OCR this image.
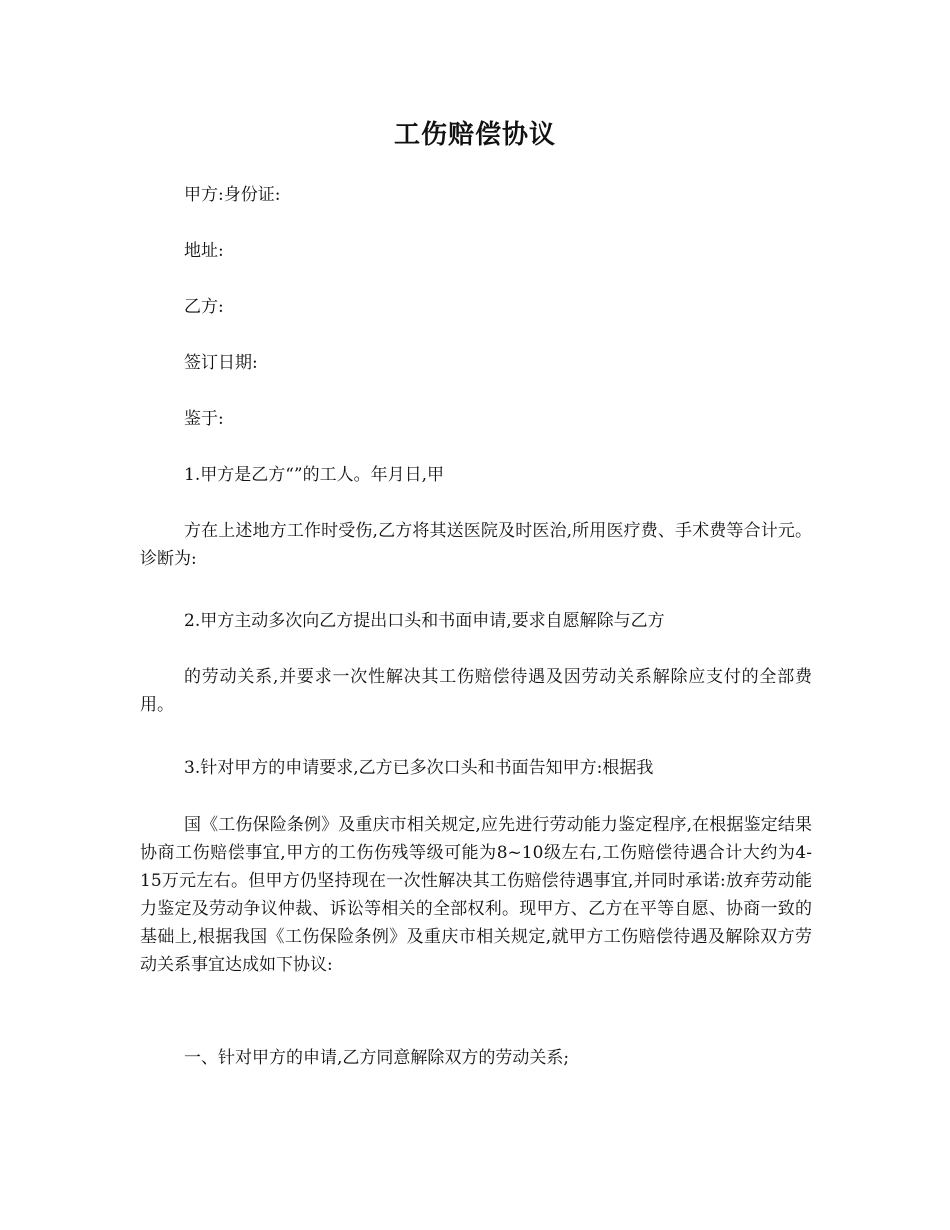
工伤赔偿协议

甲方:身份证:

地址:

乙方:

签订日期:

鉴于:

1.甲方是乙方“”的工人。年月日,甲

方在上述地方工作时受伤,乙方将其送医院及时医治,所用医疗费、手术费等合计元。诊断为:

2.甲方主动多次向乙方提出口头和书面申请,要求自愿解除与乙方

的劳动关系,并要求一次性解决其工伤赔偿待遇及因劳动关系解除应支付的全部费用。

3.针对甲方的申请要求,乙方已多次口头和书面告知甲方:根据我

国《工伤保险条例》及重庆市相关规定,应先进行劳动能力鉴定程序,在根据鉴定结果协商工伤赔偿事宜,甲方的工伤伤残等级可能为8~10级左右,工伤赔偿待遇合计大约为4-15万元左右。但甲方仍坚持现在一次性解决其工伤赔偿待遇事宜,并同时承诺:放弃劳动能力鉴定及劳动争议仲裁、诉讼等相关的全部权利。现甲方、乙方在平等自愿、协商一致的基础上,根据我国《工伤保险条例》及重庆市相关规定,就甲方工伤赔偿待遇及解除双方劳动关系事宜达成如下协议:

一、针对甲方的申请,乙方同意解除双方的劳动关系;
